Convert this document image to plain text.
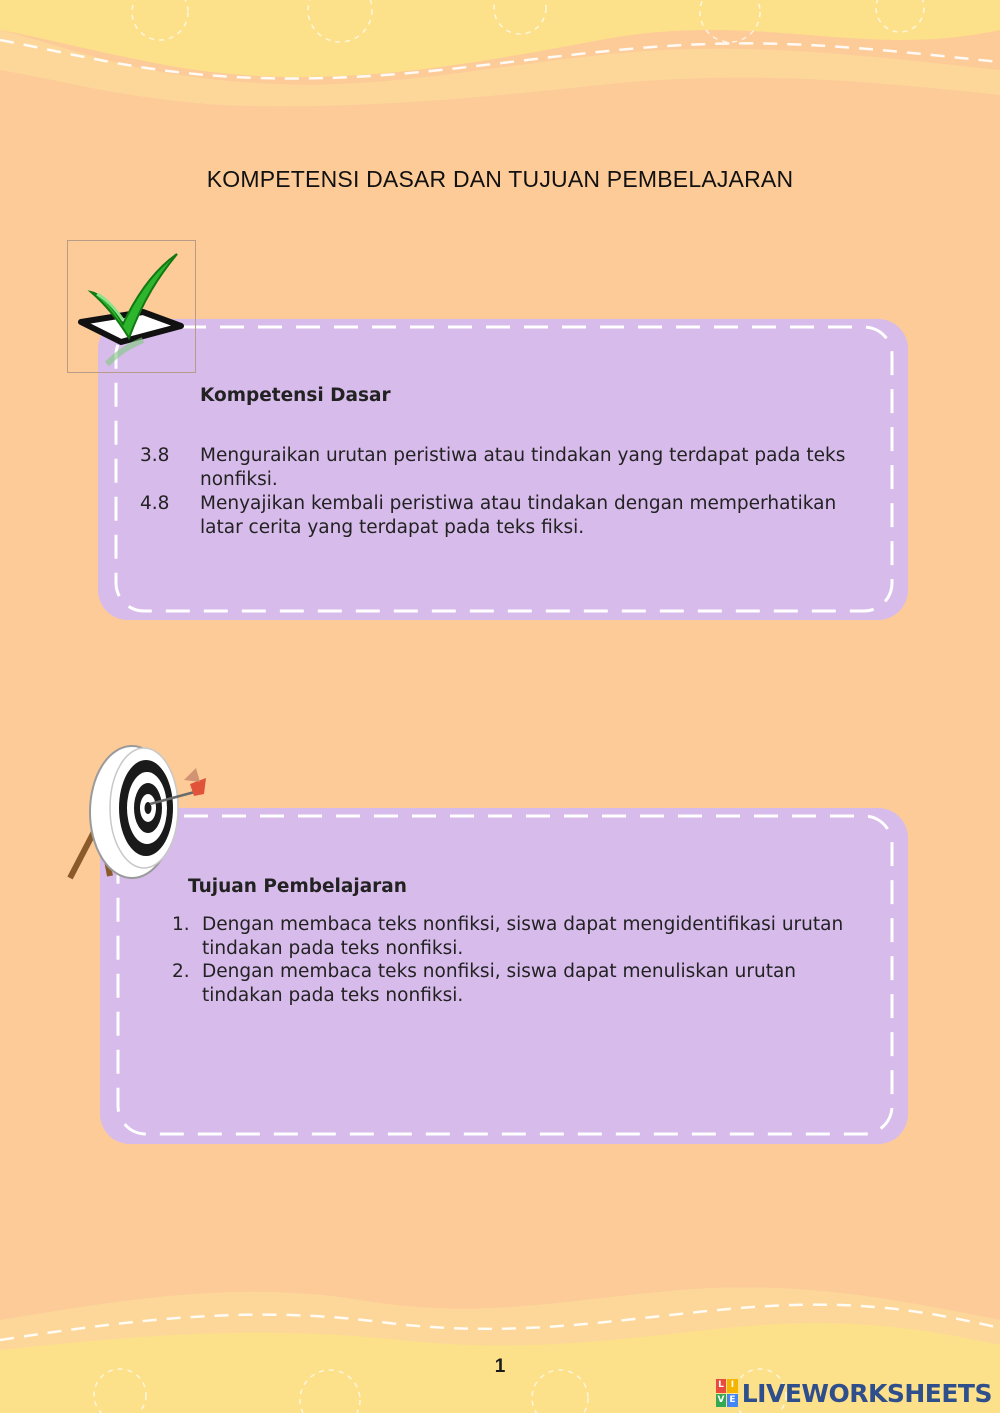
KOMPETENSI DASAR DAN TUJUAN PEMBELAJARAN
Kompetensi Dasar
3.8 Menguraikan urutan peristiwa atau tindakan yang terdapat pada teks
nonfiksi.
4.8 Menyajikan kembali peristiwa atau tindakan dengan memperhatikan
latar cerita yang terdapat pada teks fiksi.
Tujuan Pembelajaran
1. Dengan membaca teks nonfiksi, siswa dapat mengidentifikasi urutan
tindakan pada teks nonfiksi.
2. Dengan membaca teks nonfiksi, siswa dapat menuliskan urutan
tindakan pada teks nonfiksi.
1
L I
V E LIVEWORKSHEETS
